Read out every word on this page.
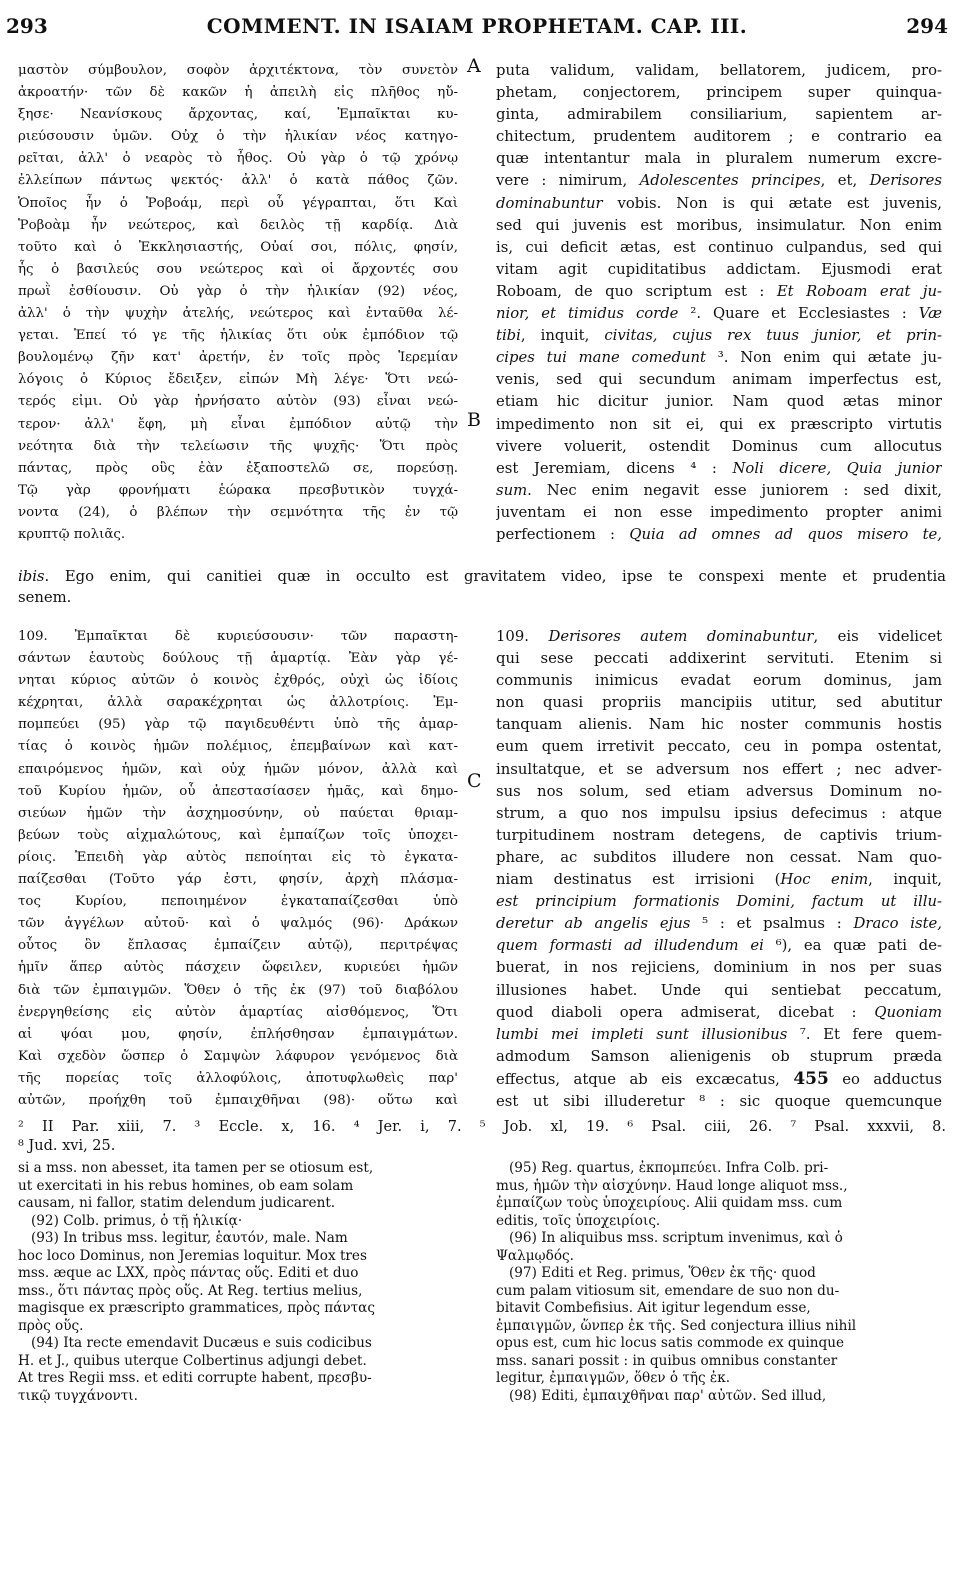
COMMENT. IN ISAIAM PROPHETAM. CAP. III.
293	294
A
B
C
μαστὸν σύμβουλον, σοφὸν ἀρχιτέκτονα, τὸν συνετὸν
ἀκροατήν· τῶν δὲ κακῶν ἡ ἀπειλὴ εἰς πλῆθος ηὔ-
ξησε· Νεανίσκους ἄρχοντας, καί, Ἐμπαῖκται κυ-
ριεύσουσιν ὑμῶν. Οὐχ ὁ τὴν ἡλικίαν νέος κατηγο-
ρεῖται, ἀλλ' ὁ νεαρὸς τὸ ἦθος. Οὐ γὰρ ὁ τῷ χρόνῳ
ἐλλείπων πάντως ψεκτός· ἀλλ' ὁ κατὰ πάθος ζῶν.
Ὁποῖος ἦν ὁ Ῥοβοάμ, περὶ οὗ γέγραπται, ὅτι Καὶ
Ῥοβοὰμ ἦν νεώτερος, καὶ δειλὸς τῇ καρδίᾳ. Διὰ
τοῦτο καὶ ὁ Ἐκκλησιαστής, Οὐαί σοι, πόλις, φησίν,
ἧς ὁ βασιλεύς σου νεώτερος καὶ οἱ ἄρχοντές σου
πρωῒ ἐσθίουσιν. Οὐ γὰρ ὁ τὴν ἡλικίαν (92) νέος,
ἀλλ' ὁ τὴν ψυχὴν ἀτελής, νεώτερος καὶ ἐνταῦθα λέ-
γεται. Ἐπεί τό γε τῆς ἡλικίας ὅτι οὐκ ἐμπόδιον τῷ
βουλομένῳ ζῆν κατ' ἀρετήν, ἐν τοῖς πρὸς Ἱερεμίαν
λόγοις ὁ Κύριος ἔδειξεν, εἰπών Μὴ λέγε· Ὅτι νεώ-
τερός εἰμι. Οὐ γὰρ ἠρνήσατο αὐτὸν (93) εἶναι νεώ-
τερον· ἀλλ' ἔφη, μὴ εἶναι ἐμπόδιον αὐτῷ τὴν
νεότητα διὰ τὴν τελείωσιν τῆς ψυχῆς· Ὅτι πρὸς
πάντας, πρὸς οὓς ἐὰν ἐξαποστελῶ σε, πορεύσῃ.
Τῷ γὰρ φρονήματι ἑώρακα πρεσβυτικὸν τυγχά-
νοντα (24), ὁ βλέπων τὴν σεμνότητα τῆς ἐν τῷ
κρυπτῷ πολιᾶς.
puta validum, validam, bellatorem, judicem, pro-
phetam, conjectorem, principem super quinqua-
ginta, admirabilem consiliarium, sapientem ar-
chitectum, prudentem auditorem ; e contrario ea
quæ intentantur mala in pluralem numerum excre-
vere : nimirum, Adolescentes principes, et, Derisores
dominabuntur vobis. Non is qui ætate est juvenis,
sed qui juvenis est moribus, insimulatur. Non enim
is, cui deficit ætas, est continuo culpandus, sed qui
vitam agit cupiditatibus addictam. Ejusmodi erat
Roboam, de quo scriptum est : Et Roboam erat ju-
nior, et timidus corde ². Quare et Ecclesiastes : Væ
tibi, inquit, civitas, cujus rex tuus junior, et prin-
cipes tui mane comedunt ³. Non enim qui ætate ju-
venis, sed qui secundum animam imperfectus est,
etiam hic dicitur junior. Nam quod ætas minor
impedimento non sit ei, qui ex præscripto virtutis
vivere voluerit, ostendit Dominus cum allocutus
est Jeremiam, dicens ⁴ : Noli dicere, Quia junior
sum. Nec enim negavit esse juniorem : sed dixit,
juventam ei non esse impedimento propter animi
perfectionem : Quia ad omnes ad quos misero te,
ibis. Ego enim, qui canitiei quæ in occulto est gravitatem video, ipse te conspexi mente et prudentia
senem.
109. Ἐμπαῖκται δὲ κυριεύσουσιν· τῶν παραστη-
σάντων ἑαυτοὺς δούλους τῇ ἁμαρτίᾳ. Ἐὰν γὰρ γέ-
νηται κύριος αὐτῶν ὁ κοινὸς ἐχθρός, οὐχὶ ὡς ἰδίοις
κέχρηται, ἀλλὰ σαρακέχρηται ὡς ἀλλοτρίοις. Ἐμ-
πομπεύει (95) γὰρ τῷ παγιδευθέντι ὑπὸ τῆς ἁμαρ-
τίας ὁ κοινὸς ἡμῶν πολέμιος, ἐπεμβαίνων καὶ κατ-
επαιρόμενος ἡμῶν, καὶ οὐχ ἡμῶν μόνον, ἀλλὰ καὶ
τοῦ Κυρίου ἡμῶν, οὗ ἀπεστασίασεν ἡμᾶς, καὶ δημο-
σιεύων ἡμῶν τὴν ἀσχημοσύνην, οὐ παύεται θριαμ-
βεύων τοὺς αἰχμαλώτους, καὶ ἐμπαίζων τοῖς ὑποχει-
ρίοις. Ἐπειδὴ γὰρ αὐτὸς πεποίηται εἰς τὸ ἐγκατα-
παίζεσθαι (Τοῦτο γάρ ἐστι, φησίν, ἀρχὴ πλάσμα-
τος Κυρίου, πεποιημένον ἐγκαταπαίζεσθαι ὑπὸ
τῶν ἀγγέλων αὐτοῦ· καὶ ὁ ψαλμός (96)· Δράκων
οὗτος ὃν ἔπλασας ἐμπαίζειν αὐτῷ), περιτρέψας
ἡμῖν ἅπερ αὐτὸς πάσχειν ὤφειλεν, κυριεύει ἡμῶν
διὰ τῶν ἐμπαιγμῶν. Ὅθεν ὁ τῆς ἐκ (97) τοῦ διαβόλου
ἐνεργηθείσης εἰς αὐτὸν ἁμαρτίας αἰσθόμενος, Ὅτι
αἱ ψόαι μου, φησίν, ἐπλήσθησαν ἐμπαιγμάτων.
Καὶ σχεδὸν ὥσπερ ὁ Σαμψὼν λάφυρον γενόμενος διὰ
τῆς πορείας τοῖς ἀλλοφύλοις, ἀποτυφλωθεὶς παρ'
αὐτῶν, προήχθη τοῦ ἐμπαιχθῆναι (98)· οὕτω καὶ
109. Derisores autem dominabuntur, eis videlicet
qui sese peccati addixerint servituti. Etenim si
communis inimicus evadat eorum dominus, jam
non quasi propriis mancipiis utitur, sed abutitur
tanquam alienis. Nam hic noster communis hostis
eum quem irretivit peccato, ceu in pompa ostentat,
insultatque, et se adversum nos effert ; nec adver-
sus nos solum, sed etiam adversus Dominum no-
strum, a quo nos impulsu ipsius defecimus : atque
turpitudinem nostram detegens, de captivis trium-
phare, ac subditos illudere non cessat. Nam quo-
niam destinatus est irrisioni (Hoc enim, inquit,
est principium formationis Domini, factum ut illu-
deretur ab angelis ejus ⁵ : et psalmus : Draco iste,
quem formasti ad illudendum ei ⁶), ea quæ pati de-
buerat, in nos rejiciens, dominium in nos per suas
illusiones habet. Unde qui sentiebat peccatum,
quod diaboli opera admiserat, dicebat : Quoniam
lumbi mei impleti sunt illusionibus ⁷. Et fere quem-
admodum Samson alienigenis ob stuprum præda
effectus, atque ab eis excæcatus, 455 eo adductus
est ut sibi illuderetur ⁸ : sic quoque quemcunque
² II Par. xiii, 7. ³ Eccle. x, 16. ⁴ Jer. i, 7. ⁵ Job. xl, 19. ⁶ Psal. ciii, 26. ⁷ Psal. xxxvii, 8.
⁸ Jud. xvi, 25.
si a mss. non abesset, ita tamen per se otiosum est,
ut exercitati in his rebus homines, ob eam solam
causam, ni fallor, statim delendum judicarent.
(92) Colb. primus, ὁ τῇ ἡλικίᾳ·
(93) In tribus mss. legitur, ἑαυτόν, male. Nam
hoc loco Dominus, non Jeremias loquitur. Mox tres
mss. æque ac LXX, πρὸς πάντας οὕς. Editi et duo
mss., ὅτι πάντας πρὸς οὕς. At Reg. tertius melius,
magisque ex præscripto grammatices, πρὸς πάντας
πρὸς οὕς.
(94) Ita recte emendavit Ducæus e suis codicibus
H. et J., quibus uterque Colbertinus adjungi debet.
At tres Regii mss. et editi corrupte habent, πρεσβυ-
τικῷ τυγχάνοντι.
(95) Reg. quartus, ἐκπομπεύει. Infra Colb. pri-
mus, ἡμῶν τὴν αἰσχύνην. Haud longe aliquot mss.,
ἐμπαίζων τοὺς ὑποχειρίους. Alii quidam mss. cum
editis, τοῖς ὑποχειρίοις.
(96) In aliquibus mss. scriptum invenimus, καὶ ὁ
Ψαλμῳδός.
(97) Editi et Reg. primus, Ὅθεν ἐκ τῆς· quod
cum palam vitiosum sit, emendare de suo non du-
bitavit Combefisius. Ait igitur legendum esse,
ἐμπαιγμῶν, ὥνπερ ἐκ τῆς. Sed conjectura illius nihil
opus est, cum hic locus satis commode ex quinque
mss. sanari possit : in quibus omnibus constanter
legitur, ἐμπαιγμῶν, ὅθεν ὁ τῆς ἐκ.
(98) Editi, ἐμπαιχθῆναι παρ' αὐτῶν. Sed illud,
